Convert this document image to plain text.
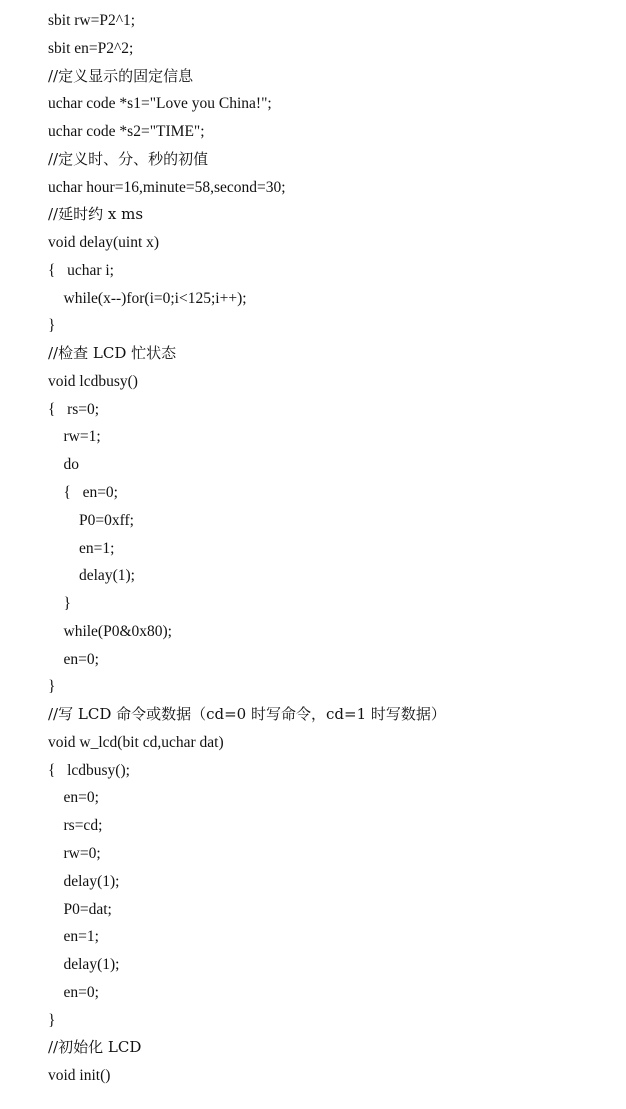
sbit rw=P2^1;
sbit en=P2^2;
//定义显示的固定信息
uchar code *s1="Love you China!";
uchar code *s2="TIME";
//定义时、分、秒的初值
uchar hour=16,minute=58,second=30;
//延时约 x ms
void delay(uint x)
{   uchar i;
while(x--)for(i=0;i<125;i++);
}
//检查 LCD 忙状态
void lcdbusy()
{   rs=0;
rw=1;
do
{   en=0;
P0=0xff;
en=1;
delay(1);
}
while(P0&0x80);
en=0;
}
//写 LCD 命令或数据（cd=0 时写命令，cd=1 时写数据）
void w_lcd(bit cd,uchar dat)
{   lcdbusy();
en=0;
rs=cd;
rw=0;
delay(1);
P0=dat;
en=1;
delay(1);
en=0;
}
//初始化 LCD
void init()
